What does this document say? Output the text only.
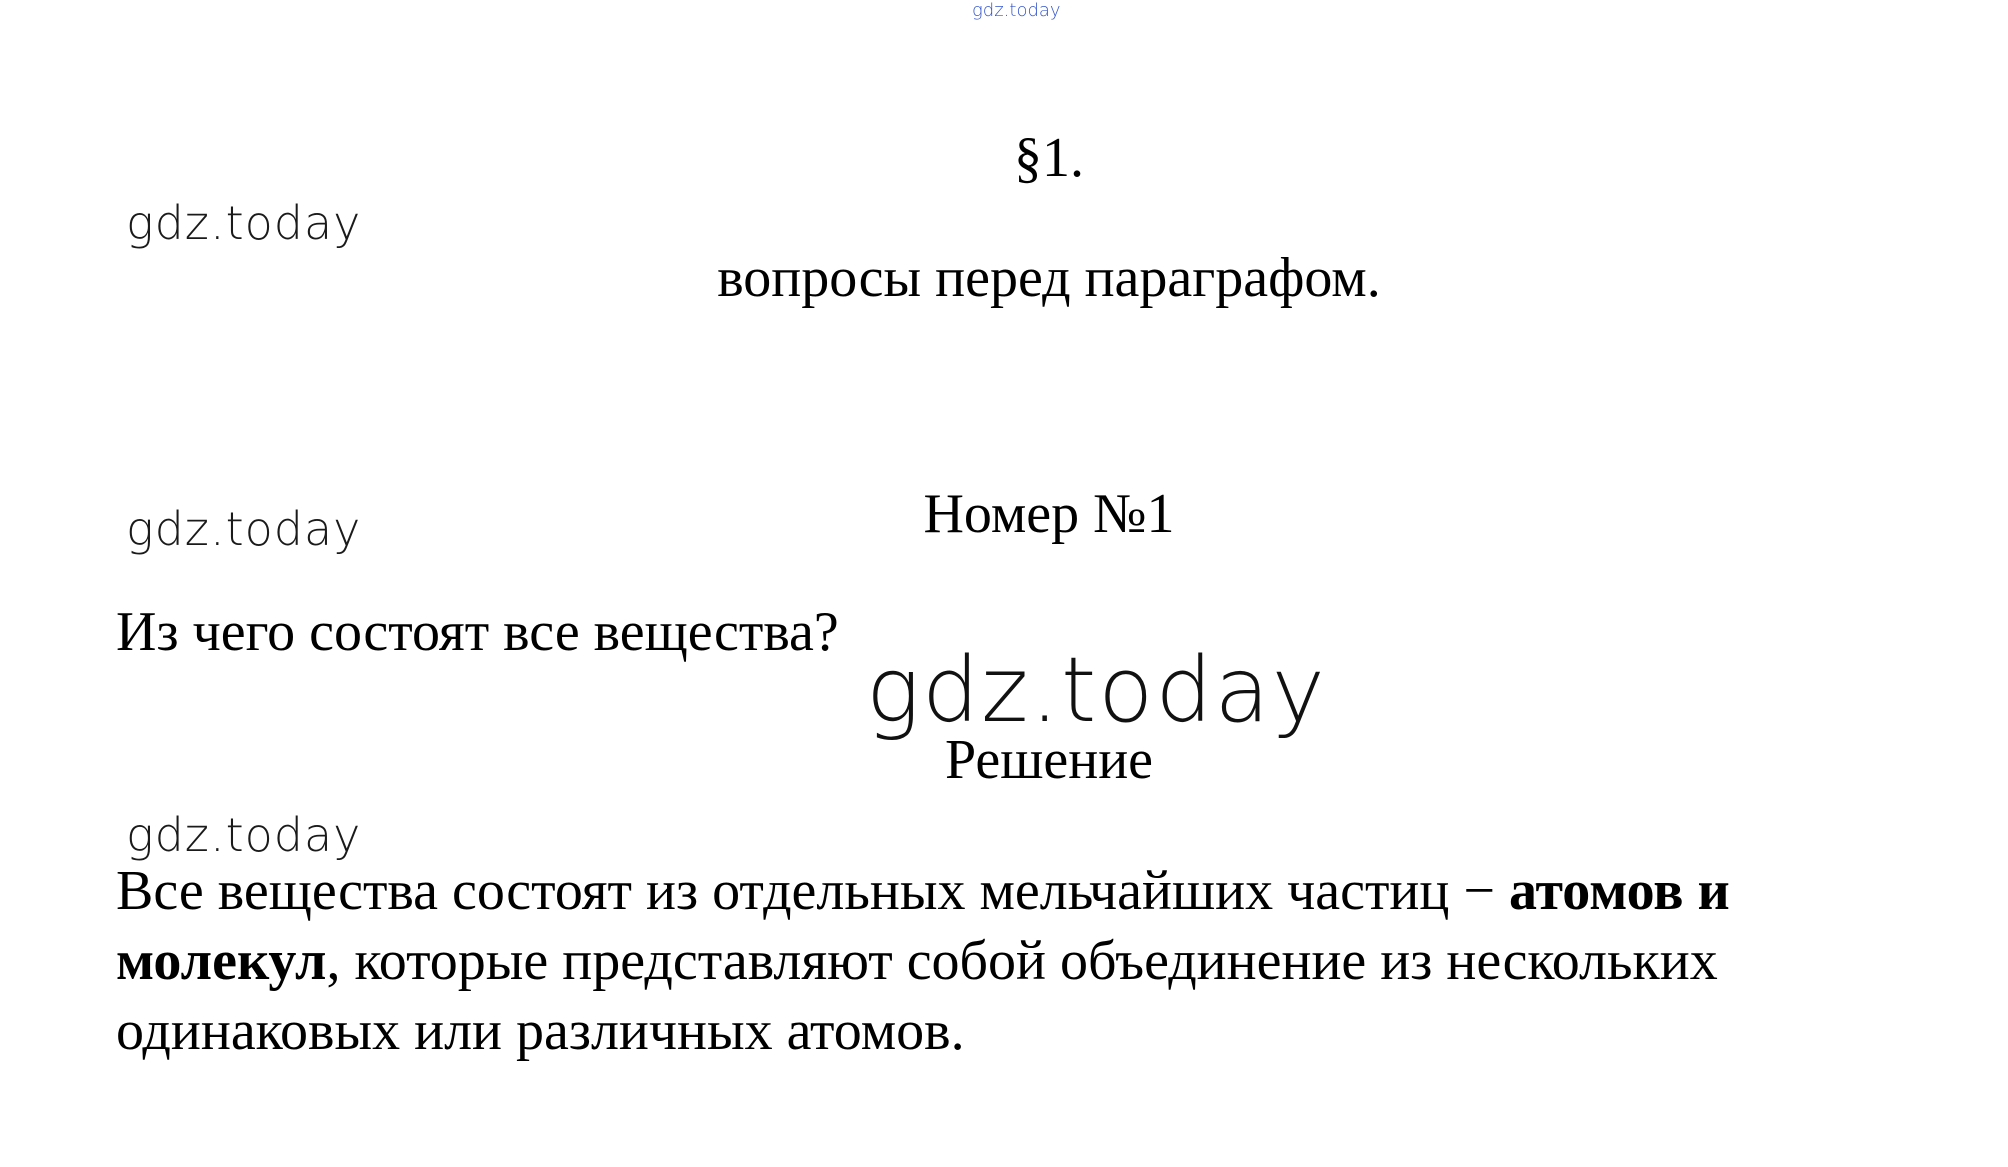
gdz.today
§1.
gdz.today
вопросы перед параграфом.
Номер №1
gdz.today
Из чего состоят все вещества?
gdz.today
Решение
gdz.today
Все вещества состоят из отдельных мельчайших частиц − атомов и молекул, которые представляют собой объединение из нескольких одинаковых или различных атомов.
